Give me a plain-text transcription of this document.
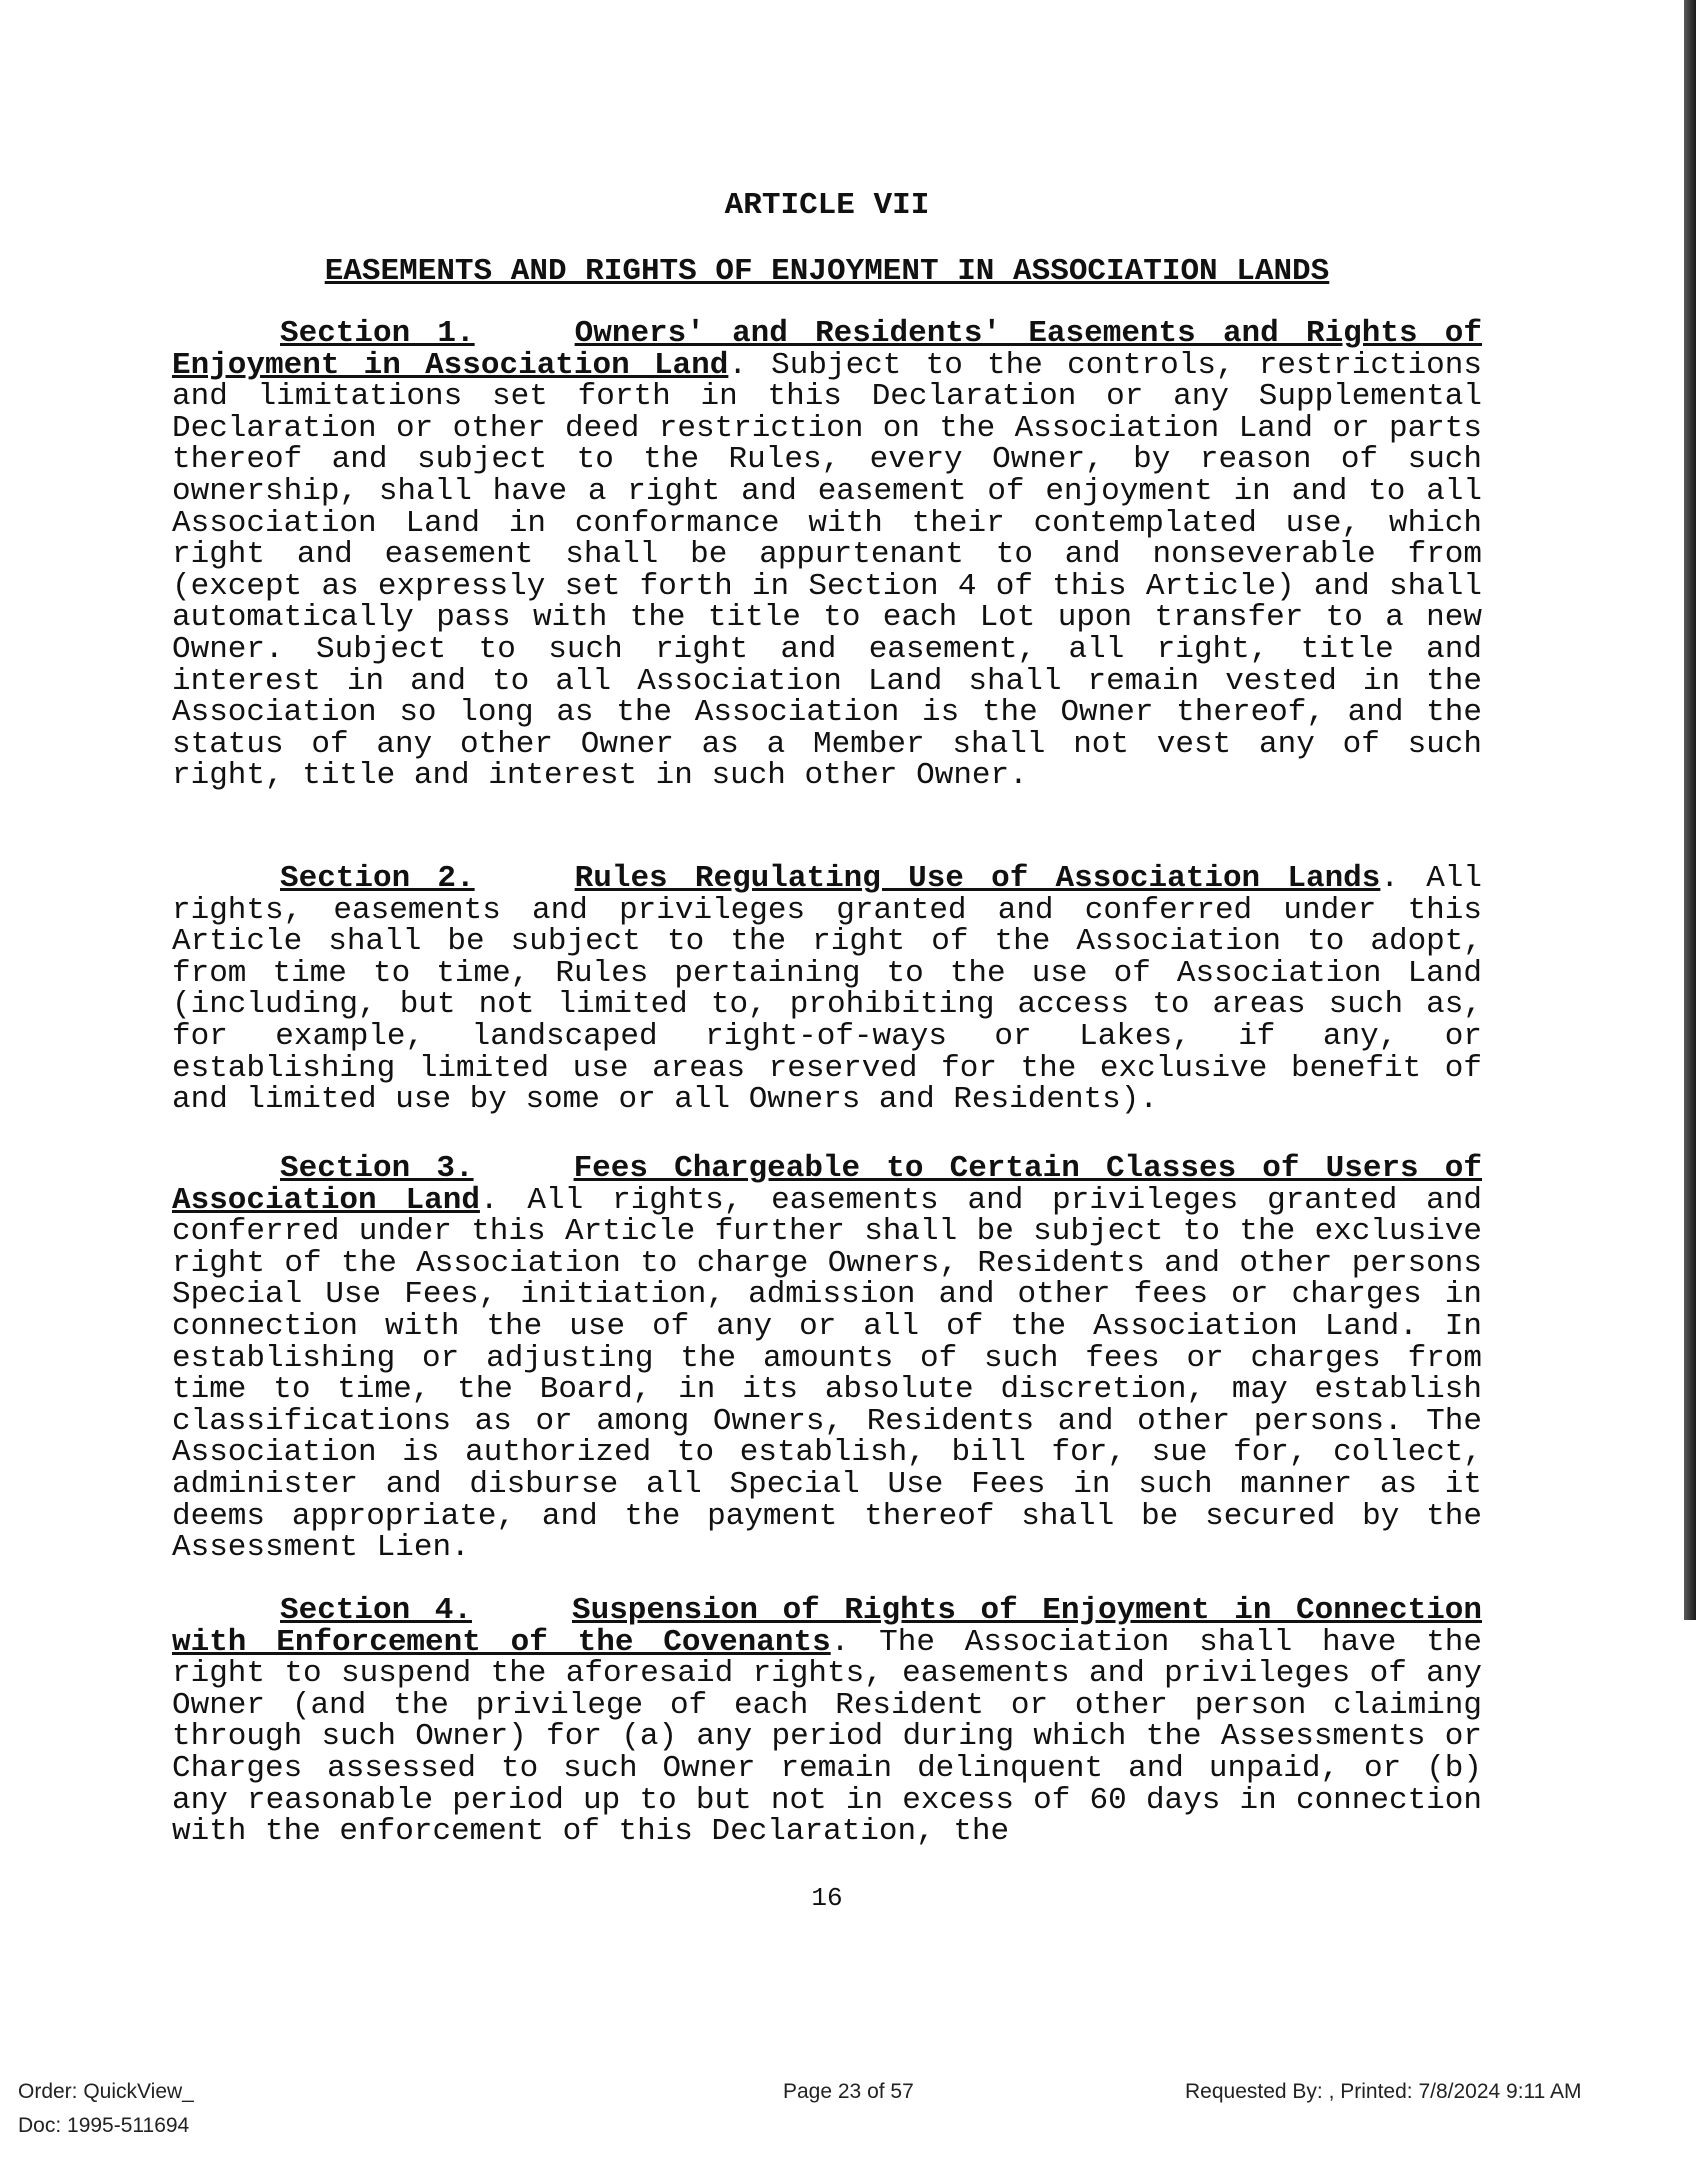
ARTICLE VII
EASEMENTS AND RIGHTS OF ENJOYMENT IN ASSOCIATION LANDS

Section 1.	Owners' and Residents' Easements and Rights of Enjoyment in Association Land. Subject to the controls, restrictions and limitations set forth in this Declaration or any Supplemental Declaration or other deed restriction on the Association Land or parts thereof and subject to the Rules, every Owner, by reason of such ownership, shall have a right and easement of enjoyment in and to all Association Land in conformance with their contemplated use, which right and easement shall be appurtenant to and nonseverable from (except as expressly set forth in Section 4 of this Article) and shall automatically pass with the title to each Lot upon transfer to a new Owner. Subject to such right and easement, all right, title and interest in and to all Association Land shall remain vested in the Association so long as the Association is the Owner thereof, and the status of any other Owner as a Member shall not vest any of such right, title and interest in such other Owner.

Section 2.	Rules Regulating Use of Association Lands. All rights, easements and privileges granted and conferred under this Article shall be subject to the right of the Association to adopt, from time to time, Rules pertaining to the use of Association Land (including, but not limited to, prohibiting access to areas such as, for example, landscaped right-of-ways or Lakes, if any, or establishing limited use areas reserved for the exclusive benefit of and limited use by some or all Owners and Residents).

Section 3.	Fees Chargeable to Certain Classes of Users of Association Land. All rights, easements and privileges granted and conferred under this Article further shall be subject to the exclusive right of the Association to charge Owners, Residents and other persons Special Use Fees, initiation, admission and other fees or charges in connection with the use of any or all of the Association Land. In establishing or adjusting the amounts of such fees or charges from time to time, the Board, in its absolute discretion, may establish classifications as or among Owners, Residents and other persons. The Association is authorized to establish, bill for, sue for, collect, administer and disburse all Special Use Fees in such manner as it deems appropriate, and the payment thereof shall be secured by the Assessment Lien.

Section 4.	Suspension of Rights of Enjoyment in Connection with Enforcement of the Covenants. The Association shall have the right to suspend the aforesaid rights, easements and privileges of any Owner (and the privilege of each Resident or other person claiming through such Owner) for (a) any period during which the Assessments or Charges assessed to such Owner remain delinquent and unpaid, or (b) any reasonable period up to but not in excess of 60 days in connection with the enforcement of this Declaration, the

16

Order: QuickView_	Page 23 of 57	Requested By: , Printed: 7/8/2024 9:11 AM
Doc: 1995-511694
